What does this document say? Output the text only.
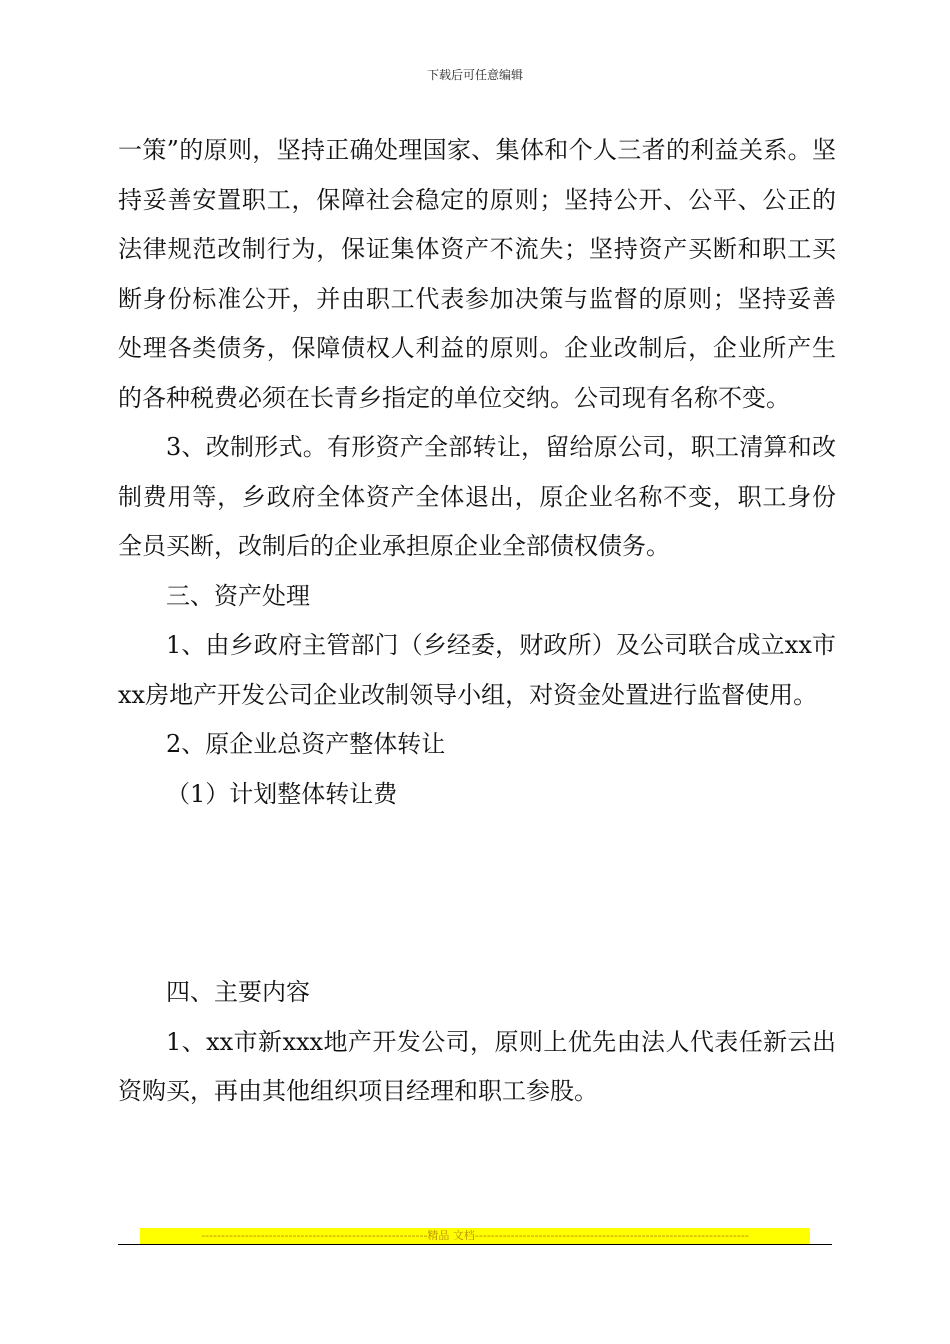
下载后可任意编辑

一策”的原则，坚持正确处理国家、集体和个人三者的利益关系。坚持妥善安置职工，保障社会稳定的原则；坚持公开、公平、公正的法律规范改制行为，保证集体资产不流失；坚持资产买断和职工买断身份标准公开，并由职工代表参加决策与监督的原则；坚持妥善处理各类债务，保障债权人利益的原则。企业改制后，企业所产生的各种税费必须在长青乡指定的单位交纳。公司现有名称不变。

3、改制形式。有形资产全部转让，留给原公司，职工清算和改制费用等，乡政府全体资产全体退出，原企业名称不变，职工身份全员买断，改制后的企业承担原企业全部债权债务。

三、资产处理

1、由乡政府主管部门（乡经委，财政所）及公司联合成立xx市xx房地产开发公司企业改制领导小组，对资金处置进行监督使用。

2、原企业总资产整体转让

（1）计划整体转让费

四、主要内容

1、xx市新xxx地产开发公司，原则上优先由法人代表任新云出资购买，再由其他组织项目经理和职工参股。

---------------------------------------------------------精品 文档---------------------------------------------------------------------
